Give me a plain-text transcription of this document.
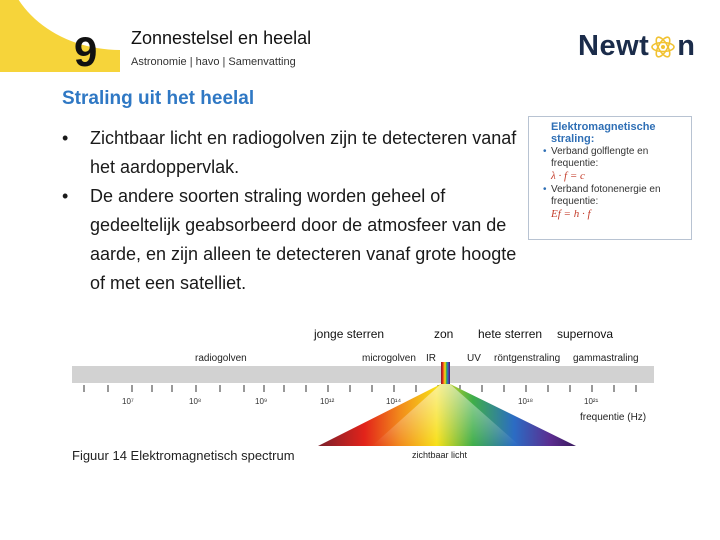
9 Zonnestelsel en heelal
Astronomie | havo | Samenvatting	Newt n
Straling uit het heelal
• Zichtbaar licht en radiogolven zijn te detecteren vanaf het aardoppervlak.
• De andere soorten straling worden geheel of gedeeltelijk geabsorbeerd door de atmosfeer van de aarde, en zijn alleen te detecteren vanaf grote hoogte of met een satelliet.
Elektromagnetische straling:
• Verband golflengte en frequentie:
λ · f = c
• Verband fotonenergie en frequentie:
Ef = h · f
jonge sterren	zon hete sterren supernova
radiogolven	microgolven IR	UV röntgenstraling gammastraling
10⁷	10⁸	10⁹	10¹²	10¹⁴	10¹⁸	10²¹
frequentie (Hz)
zichtbaar licht
Figuur 14 Elektromagnetisch spectrum
